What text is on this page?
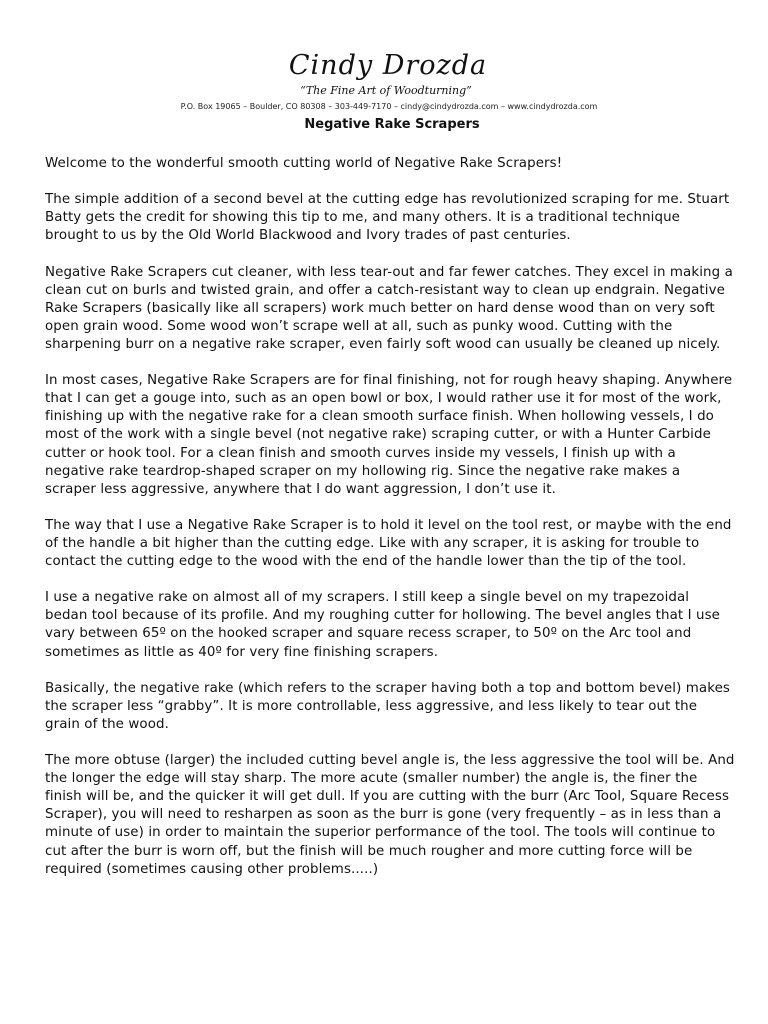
Cindy Drozda
“The Fine Art of Woodturning”
P.O. Box 19065 – Boulder, CO 80308 – 303-449-7170 – cindy@cindydrozda.com – www.cindydrozda.com
Negative Rake Scrapers

Welcome to the wonderful smooth cutting world of Negative Rake Scrapers!

The simple addition of a second bevel at the cutting edge has revolutionized scraping for me. Stuart Batty gets the credit for showing this tip to me, and many others. It is a traditional technique brought to us by the Old World Blackwood and Ivory trades of past centuries.

Negative Rake Scrapers cut cleaner, with less tear-out and far fewer catches. They excel in making a clean cut on burls and twisted grain, and offer a catch-resistant way to clean up endgrain. Negative Rake Scrapers (basically like all scrapers) work much better on hard dense wood than on very soft open grain wood. Some wood won’t scrape well at all, such as punky wood. Cutting with the sharpening burr on a negative rake scraper, even fairly soft wood can usually be cleaned up nicely.

In most cases, Negative Rake Scrapers are for final finishing, not for rough heavy shaping. Anywhere that I can get a gouge into, such as an open bowl or box, I would rather use it for most of the work, finishing up with the negative rake for a clean smooth surface finish. When hollowing vessels, I do most of the work with a single bevel (not negative rake) scraping cutter, or with a Hunter Carbide cutter or hook tool. For a clean finish and smooth curves inside my vessels, I finish up with a negative rake teardrop-shaped scraper on my hollowing rig. Since the negative rake makes a scraper less aggressive, anywhere that I do want aggression, I don’t use it.

The way that I use a Negative Rake Scraper is to hold it level on the tool rest, or maybe with the end of the handle a bit higher than the cutting edge. Like with any scraper, it is asking for trouble to contact the cutting edge to the wood with the end of the handle lower than the tip of the tool.

I use a negative rake on almost all of my scrapers. I still keep a single bevel on my trapezoidal bedan tool because of its profile. And my roughing cutter for hollowing. The bevel angles that I use vary between 65º on the hooked scraper and square recess scraper, to 50º on the Arc tool and sometimes as little as 40º for very fine finishing scrapers.

Basically, the negative rake (which refers to the scraper having both a top and bottom bevel) makes the scraper less “grabby”. It is more controllable, less aggressive, and less likely to tear out the grain of the wood.

The more obtuse (larger) the included cutting bevel angle is, the less aggressive the tool will be. And the longer the edge will stay sharp. The more acute (smaller number) the angle is, the finer the finish will be, and the quicker it will get dull. If you are cutting with the burr (Arc Tool, Square Recess Scraper), you will need to resharpen as soon as the burr is gone (very frequently – as in less than a minute of use) in order to maintain the superior performance of the tool. The tools will continue to cut after the burr is worn off, but the finish will be much rougher and more cutting force will be required (sometimes causing other problems.....)
